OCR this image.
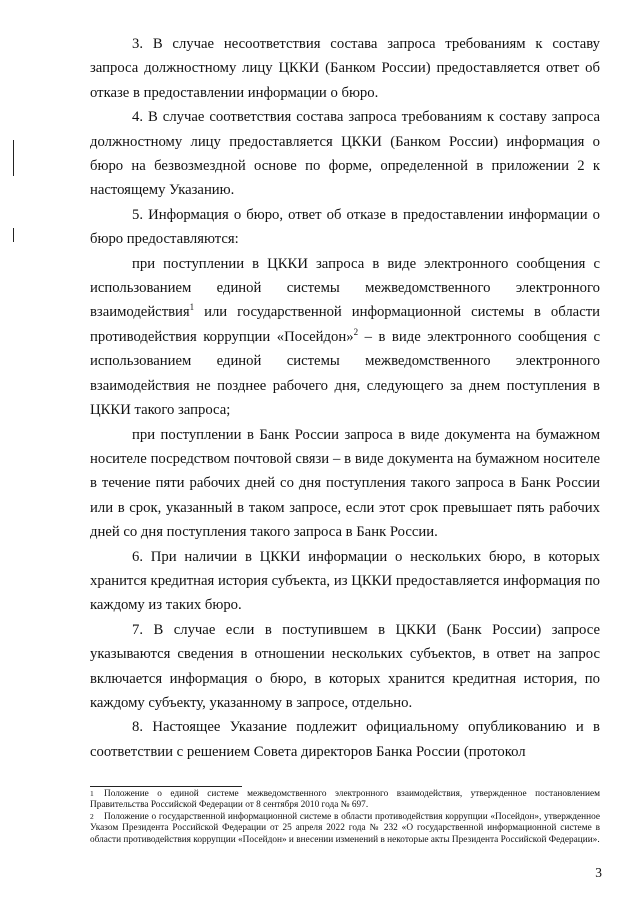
3. В случае несоответствия состава запроса требованиям к составу запроса должностному лицу ЦККИ (Банком России) предоставляется ответ об отказе в предоставлении информации о бюро.

4. В случае соответствия состава запроса требованиям к составу запроса должностному лицу предоставляется ЦККИ (Банком России) информация о бюро на безвозмездной основе по форме, определенной в приложении 2 к настоящему Указанию.

5. Информация о бюро, ответ об отказе в предоставлении информации о бюро предоставляются:

при поступлении в ЦККИ запроса в виде электронного сообщения с использованием единой системы межведомственного электронного взаимодействия$^1$ или государственной информационной системы в области противодействия коррупции «Посейдон»$^2$ – в виде электронного сообщения с использованием единой системы межведомственного электронного взаимодействия не позднее рабочего дня, следующего за днем поступления в ЦККИ такого запроса;

при поступлении в Банк России запроса в виде документа на бумажном носителе посредством почтовой связи – в виде документа на бумажном носителе в течение пяти рабочих дней со дня поступления такого запроса в Банк России или в срок, указанный в таком запросе, если этот срок превышает пять рабочих дней со дня поступления такого запроса в Банк России.

6. При наличии в ЦККИ информации о нескольких бюро, в которых хранится кредитная история субъекта, из ЦККИ предоставляется информация по каждому из таких бюро.

7. В случае если в поступившем в ЦККИ (Банк России) запросе указываются сведения в отношении нескольких субъектов, в ответ на запрос включается информация о бюро, в которых хранится кредитная история, по каждому субъекту, указанному в запросе, отдельно.

8. Настоящее Указание подлежит официальному опубликованию и в соответствии с решением Совета директоров Банка России (протокол

1 Положение о единой системе межведомственного электронного взаимодействия, утвержденное постановлением Правительства Российской Федерации от 8 сентября 2010 года № 697.

2 Положение о государственной информационной системе в области противодействия коррупции «Посейдон», утвержденное Указом Президента Российской Федерации от 25 апреля 2022 года № 232 «О государственной информационной системе в области противодействия коррупции «Посейдон» и внесении изменений в некоторые акты Президента Российской Федерации».

3
